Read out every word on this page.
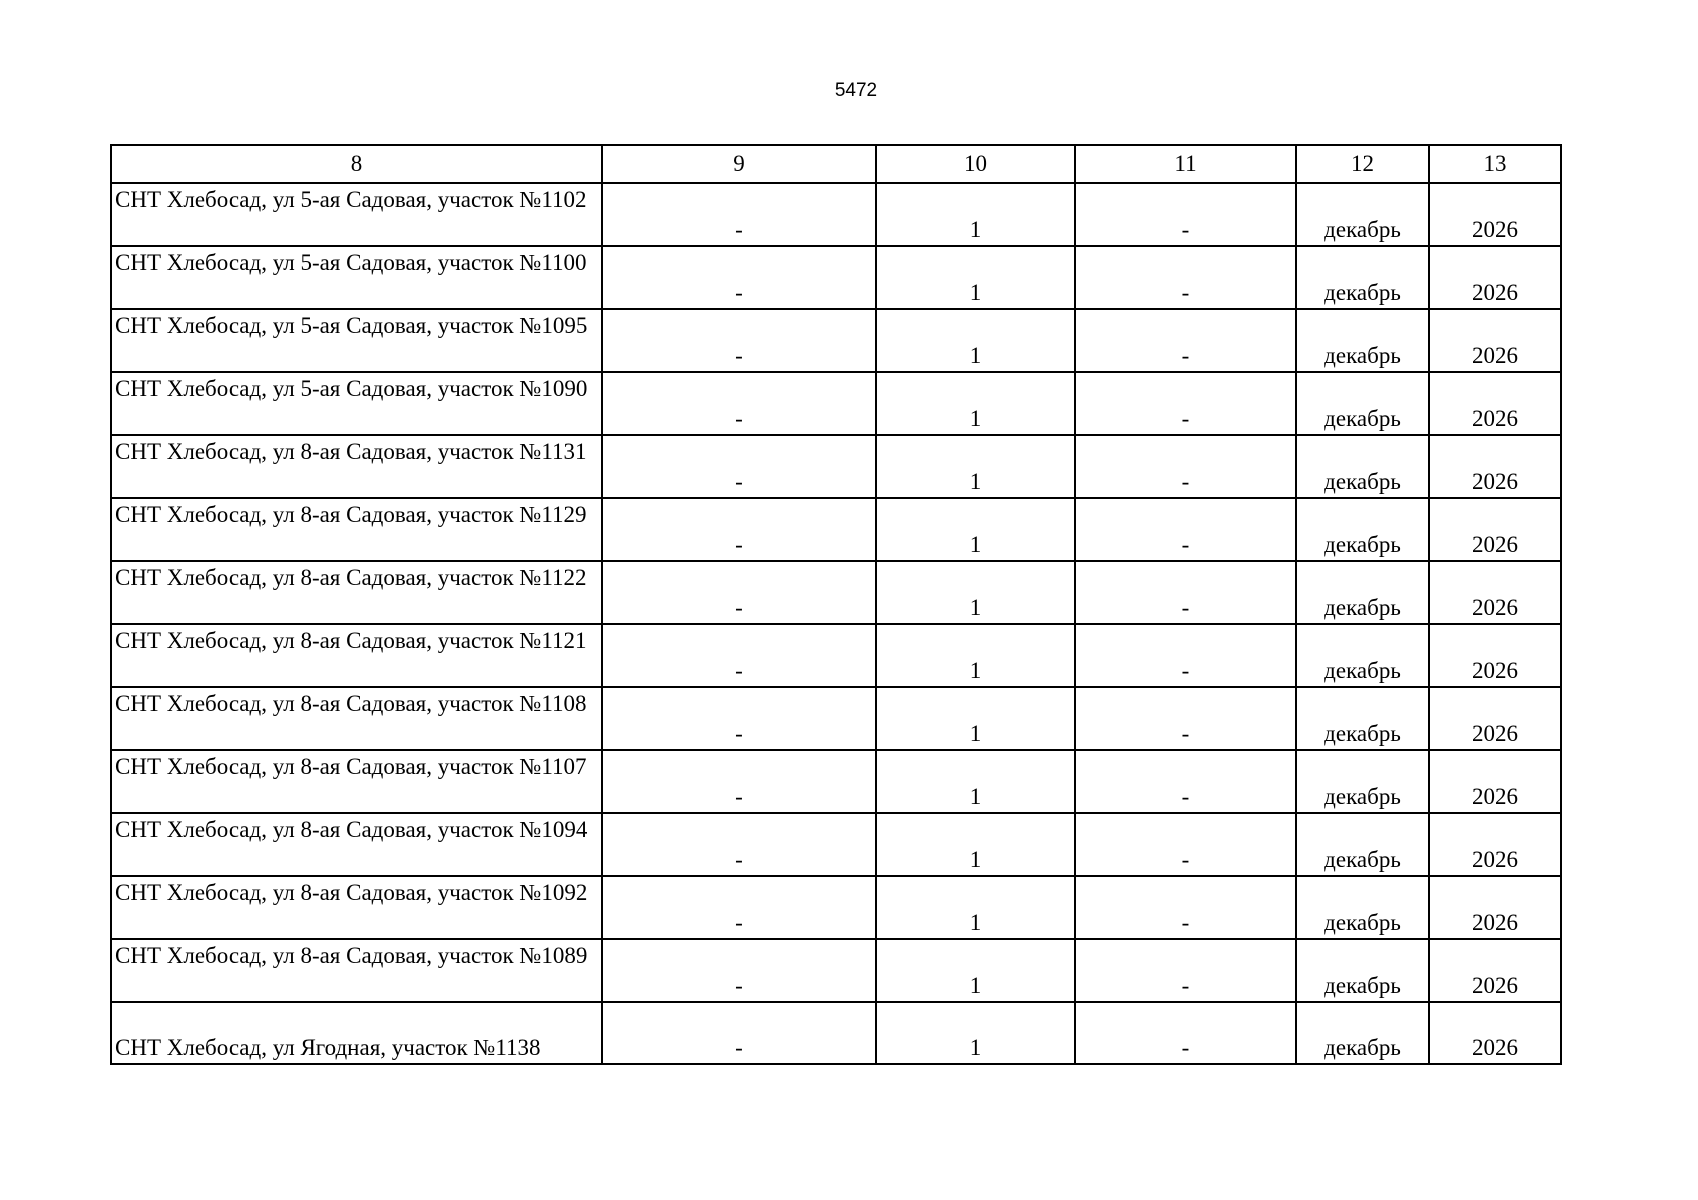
5472
8	9	10	11	12	13
СНТ Хлебосад, ул 5-ая Садовая, участок №1102	-	1	-	декабрь	2026
СНТ Хлебосад, ул 5-ая Садовая, участок №1100	-	1	-	декабрь	2026
СНТ Хлебосад, ул 5-ая Садовая, участок №1095	-	1	-	декабрь	2026
СНТ Хлебосад, ул 5-ая Садовая, участок №1090	-	1	-	декабрь	2026
СНТ Хлебосад, ул 8-ая Садовая, участок №1131	-	1	-	декабрь	2026
СНТ Хлебосад, ул 8-ая Садовая, участок №1129	-	1	-	декабрь	2026
СНТ Хлебосад, ул 8-ая Садовая, участок №1122	-	1	-	декабрь	2026
СНТ Хлебосад, ул 8-ая Садовая, участок №1121	-	1	-	декабрь	2026
СНТ Хлебосад, ул 8-ая Садовая, участок №1108	-	1	-	декабрь	2026
СНТ Хлебосад, ул 8-ая Садовая, участок №1107	-	1	-	декабрь	2026
СНТ Хлебосад, ул 8-ая Садовая, участок №1094	-	1	-	декабрь	2026
СНТ Хлебосад, ул 8-ая Садовая, участок №1092	-	1	-	декабрь	2026
СНТ Хлебосад, ул 8-ая Садовая, участок №1089	-	1	-	декабрь	2026
СНТ Хлебосад, ул Ягодная, участок №1138	-	1	-	декабрь	2026
